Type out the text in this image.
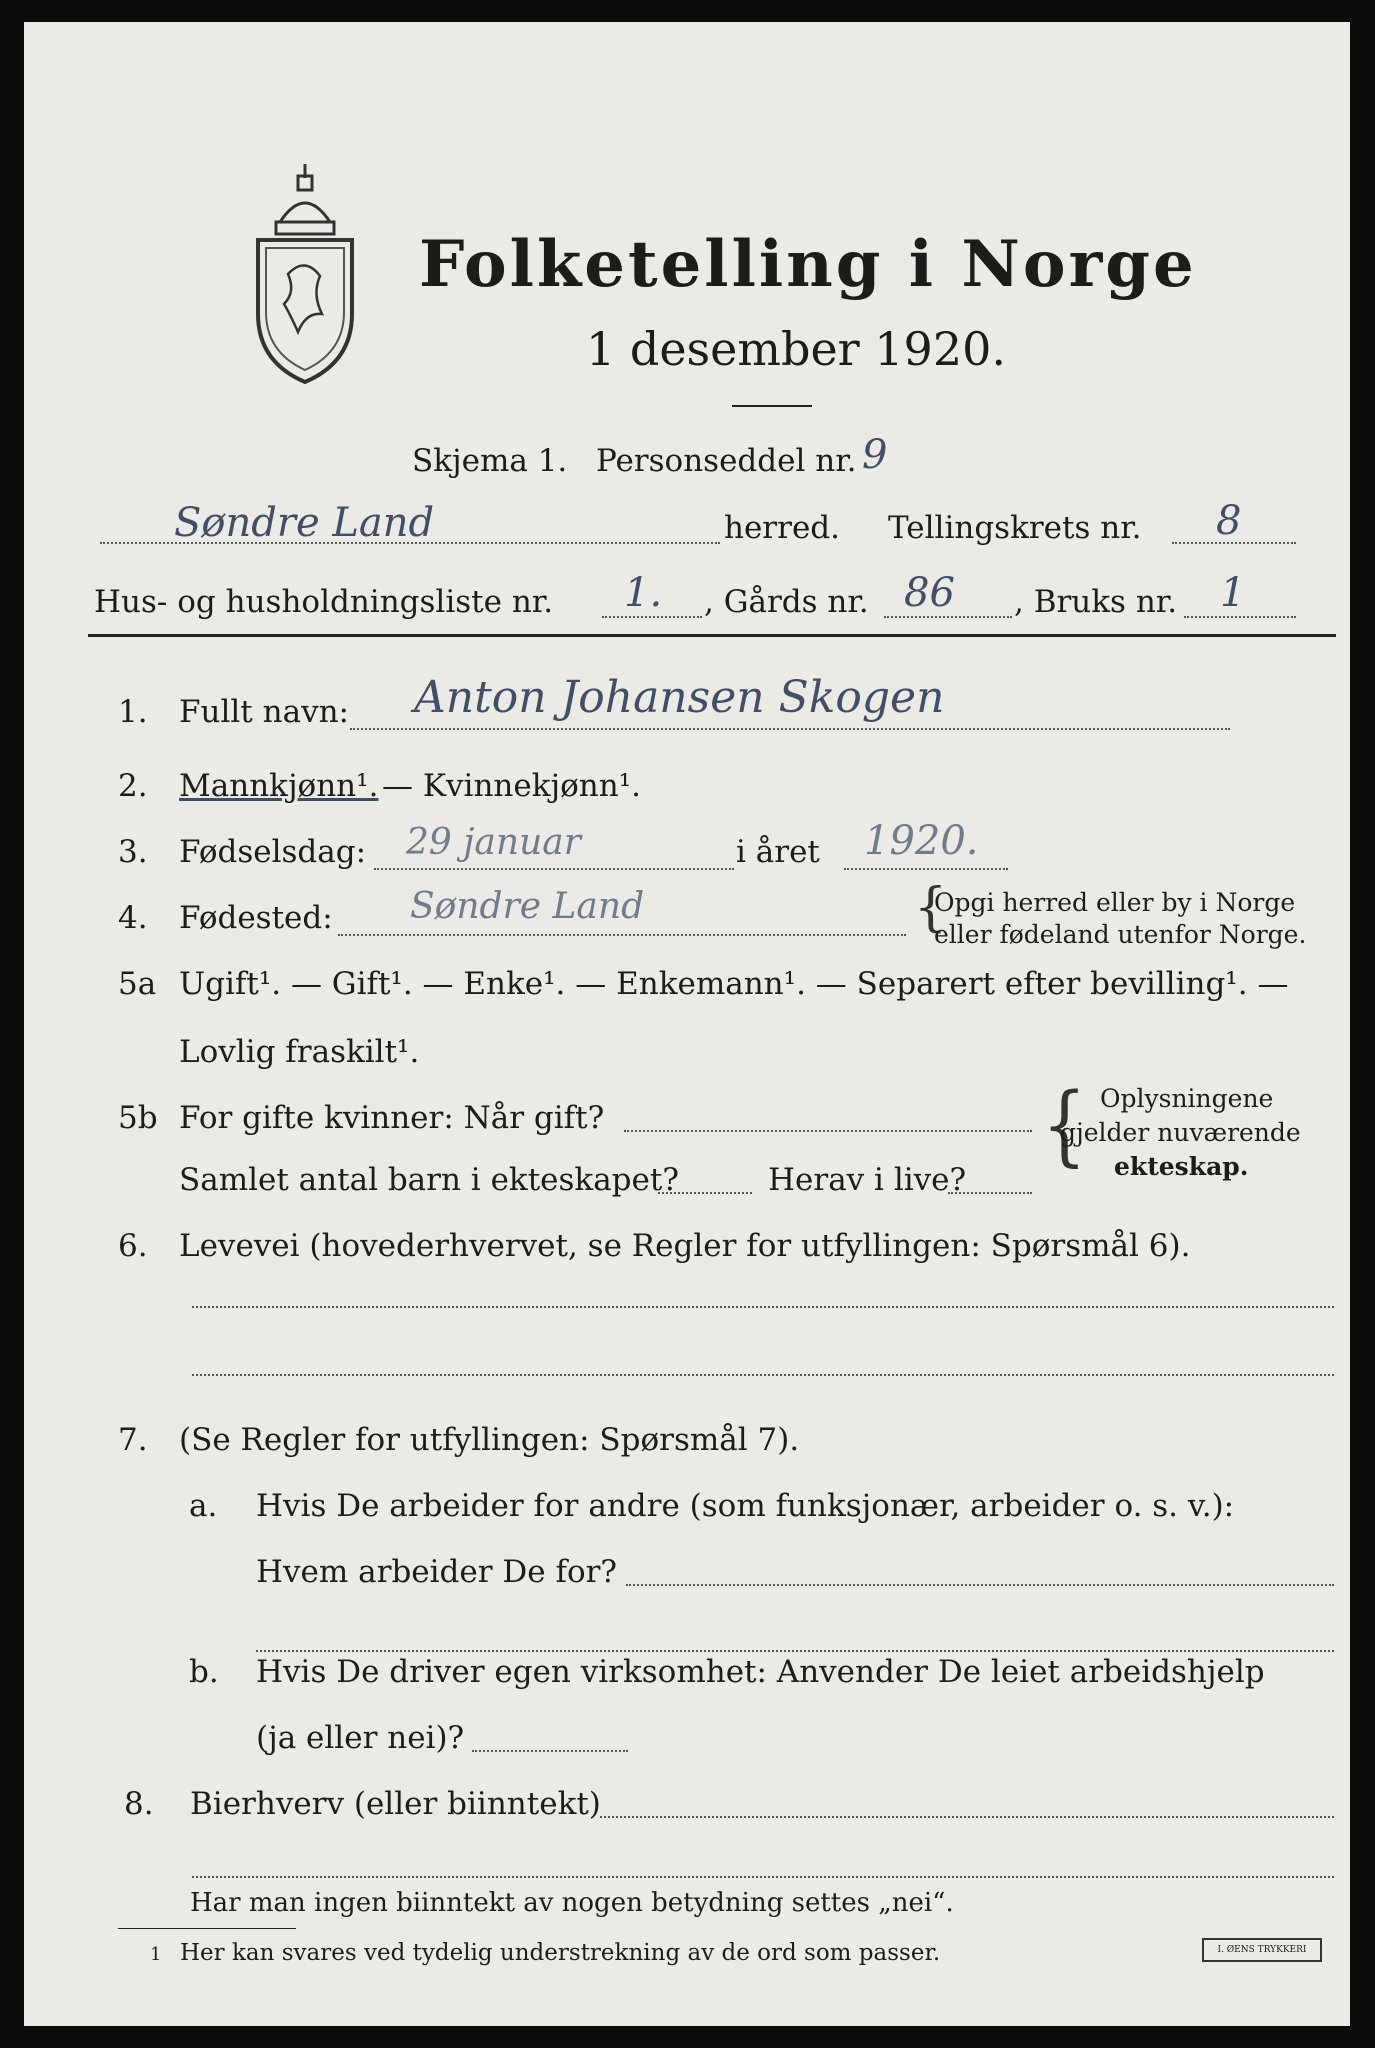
Folketelling i Norge
1 desember 1920.
Skjema 1. Personseddel nr. 9
Søndre Land	herred. Tellingskrets nr. 8
Hus- og husholdningsliste nr. 1. , Gårds nr. 86 , Bruks nr. 1
1. Fullt navn: Anton Johansen Skogen
2. Mannkjønn¹. — Kvinnekjønn¹.
3. Fødselsdag: 29 januar	i året 1920.
4. Fødested: Søndre Land	{
Opgi herred eller by i Norge
eller fødeland utenfor Norge.
5a Ugift¹. — Gift¹. — Enke¹. — Enkemann¹. — Separert efter bevilling¹. —
Lovlig fraskilt¹.
5b For gifte kvinner: Når gift?
Samlet antal barn i ekteskapet?	Herav i live?
{ Oplysningene
gjelder nuværende
ekteskap.
6. Levevei (hovederhvervet, se Regler for utfyllingen: Spørsmål 6).
7. (Se Regler for utfyllingen: Spørsmål 7).
a. Hvis De arbeider for andre (som funksjonær, arbeider o. s. v.):
Hvem arbeider De for?
b. Hvis De driver egen virksomhet: Anvender De leiet arbeidshjelp
(ja eller nei)?
8. Bierhverv (eller biinntekt)
Har man ingen biinntekt av nogen betydning settes „nei“.
1 Her kan svares ved tydelig understrekning av de ord som passer.	I. ØENS TRYKKERI
